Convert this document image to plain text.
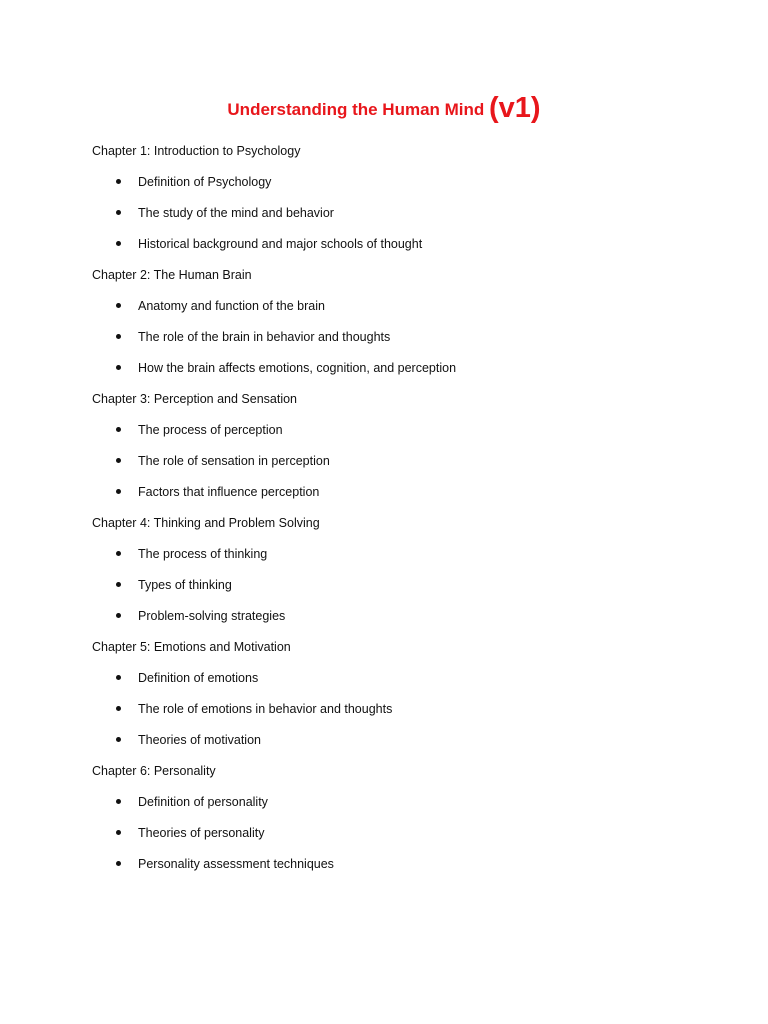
Understanding the Human Mind (v1)
Chapter 1: Introduction to Psychology
Definition of Psychology
The study of the mind and behavior
Historical background and major schools of thought
Chapter 2: The Human Brain
Anatomy and function of the brain
The role of the brain in behavior and thoughts
How the brain affects emotions, cognition, and perception
Chapter 3: Perception and Sensation
The process of perception
The role of sensation in perception
Factors that influence perception
Chapter 4: Thinking and Problem Solving
The process of thinking
Types of thinking
Problem-solving strategies
Chapter 5: Emotions and Motivation
Definition of emotions
The role of emotions in behavior and thoughts
Theories of motivation
Chapter 6: Personality
Definition of personality
Theories of personality
Personality assessment techniques
